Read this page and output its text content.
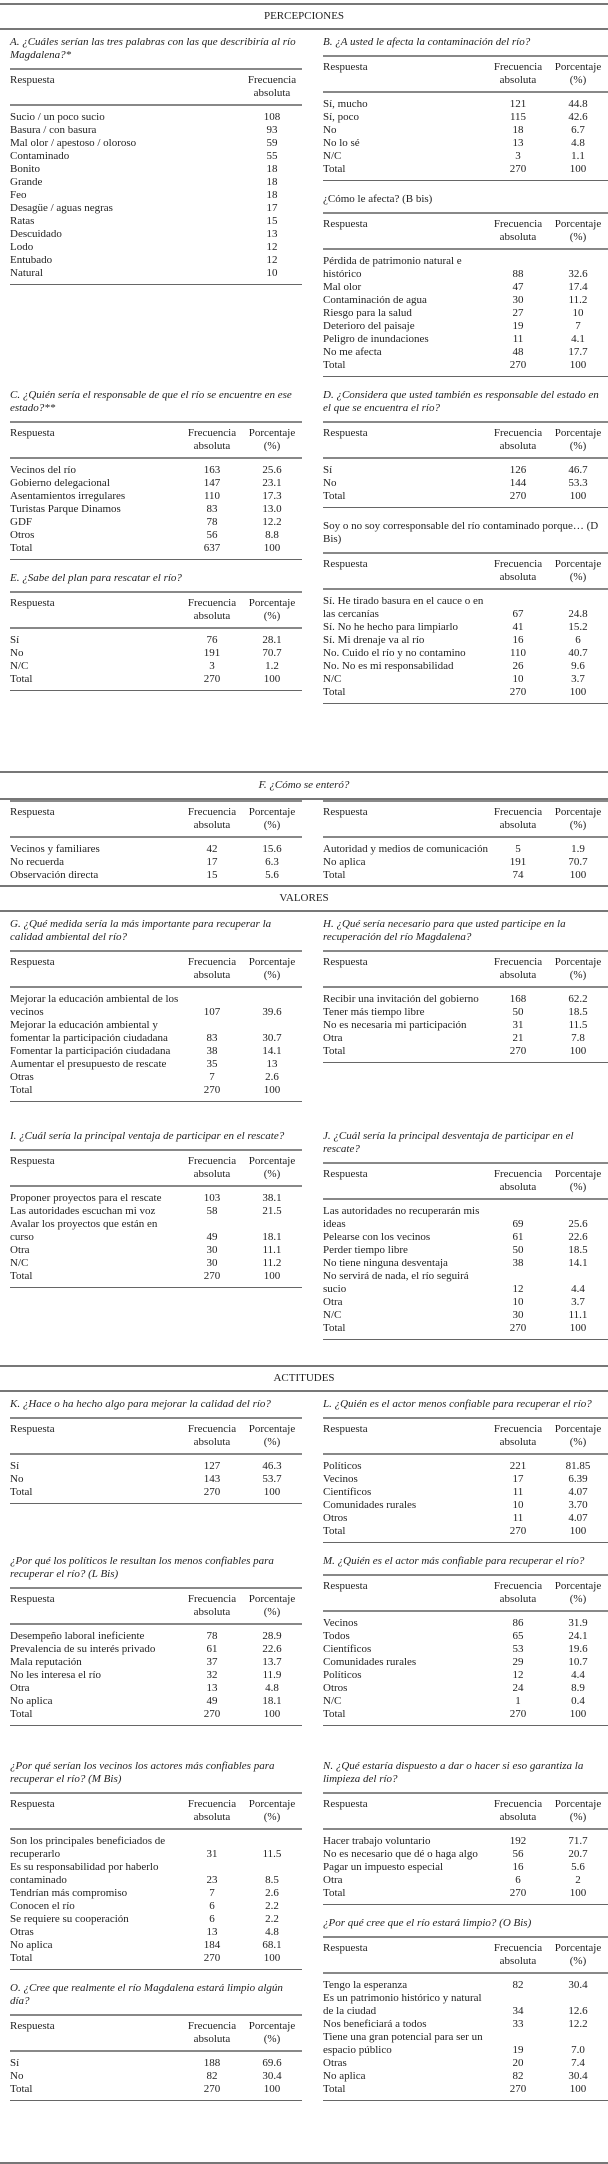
PERCEPCIONES
A. ¿Cuáles serían las tres palabras con las que describiría al río Magdalena?*
Respuesta	Frecuencia absoluta
Sucio / un poco sucio	108
Basura / con basura	93
Mal olor / apestoso / oloroso	59
Contaminado	55
Bonito	18
Grande	18
Feo	18
Desagüe / aguas negras	17
Ratas	15
Descuidado	13
Lodo	12
Entubado	12
Natural	10
B. ¿A usted le afecta la contaminación del río?
Respuesta	Frecuencia absoluta	Porcentaje (%)
Sí, mucho	121	44.8
Sí, poco	115	42.6
No	18	6.7
No lo sé	13	4.8
N/C	3	1.1
Total	270	100
¿Cómo le afecta? (B bis)
Respuesta	Frecuencia absoluta	Porcentaje (%)
Pérdida de patrimonio natural e histórico	88	32.6
Mal olor	47	17.4
Contaminación de agua	30	11.2
Riesgo para la salud	27	10
Deterioro del paisaje	19	7
Peligro de inundaciones	11	4.1
No me afecta	48	17.7
Total	270	100
C. ¿Quién sería el responsable de que el río se encuentre en ese estado?**
Respuesta	Frecuencia absoluta	Porcentaje (%)
Vecinos del río	163	25.6
Gobierno delegacional	147	23.1
Asentamientos irregulares	110	17.3
Turistas Parque Dinamos	83	13.0
GDF	78	12.2
Otros	56	8.8
Total	637	100
E. ¿Sabe del plan para rescatar el río?
Respuesta	Frecuencia absoluta	Porcentaje (%)
Sí	76	28.1
No	191	70.7
N/C	3	1.2
Total	270	100
D. ¿Considera que usted también es responsable del estado en el que se encuentra el río?
Respuesta	Frecuencia absoluta	Porcentaje (%)
Sí	126	46.7
No	144	53.3
Total	270	100
Soy o no soy corresponsable del río contaminado porque… (D Bis)
Respuesta	Frecuencia absoluta	Porcentaje (%)
Sí. He tirado basura en el cauce o en las cercanías	67	24.8
Sí. No he hecho para limpiarlo	41	15.2
Sí. Mi drenaje va al río	16	6
No. Cuido el río y no contamino	110	40.7
No. No es mi responsabilidad	26	9.6
N/C	10	3.7
Total	270	100
F. ¿Cómo se enteró?
Respuesta	Frecuencia absoluta	Porcentaje (%)
Vecinos y familiares	42	15.6
No recuerda	17	6.3
Observación directa	15	5.6
Respuesta	Frecuencia absoluta	Porcentaje (%)
Autoridad y medios de comunicación	5	1.9
No aplica	191	70.7
Total	74	100
VALORES
G. ¿Qué medida sería la más importante para recuperar la calidad ambiental del río?
Respuesta	Frecuencia absoluta	Porcentaje (%)
Mejorar la educación ambiental de los vecinos	107	39.6
Mejorar la educación ambiental y fomentar la participación ciudadana	83	30.7
Fomentar la participación ciudadana	38	14.1
Aumentar el presupuesto de rescate	35	13
Otras	7	2.6
Total	270	100
H. ¿Qué sería necesario para que usted participe en la recuperación del río Magdalena?
Respuesta	Frecuencia absoluta	Porcentaje (%)
Recibir una invitación del gobierno	168	62.2
Tener más tiempo libre	50	18.5
No es necesaria mi participación	31	11.5
Otra	21	7.8
Total	270	100
I. ¿Cuál sería la principal ventaja de participar en el rescate?
Respuesta	Frecuencia absoluta	Porcentaje (%)
Proponer proyectos para el rescate	103	38.1
Las autoridades escuchan mi voz	58	21.5
Avalar los proyectos que están en curso	49	18.1
Otra	30	11.1
N/C	30	11.2
Total	270	100
J. ¿Cuál sería la principal desventaja de participar en el rescate?
Respuesta	Frecuencia absoluta	Porcentaje (%)
Las autoridades no recuperarán mis ideas	69	25.6
Pelearse con los vecinos	61	22.6
Perder tiempo libre	50	18.5
No tiene ninguna desventaja	38	14.1
No servirá de nada, el río seguirá sucio	12	4.4
Otra	10	3.7
N/C	30	11.1
Total	270	100
ACTITUDES
K. ¿Hace o ha hecho algo para mejorar la calidad del río?
Respuesta	Frecuencia absoluta	Porcentaje (%)
Sí	127	46.3
No	143	53.7
Total	270	100
L. ¿Quién es el actor menos confiable para recuperar el río?
Respuesta	Frecuencia absoluta	Porcentaje (%)
Políticos	221	81.85
Vecinos	17	6.39
Científicos	11	4.07
Comunidades rurales	10	3.70
Otros	11	4.07
Total	270	100
¿Por qué los políticos le resultan los menos confiables para recuperar el río? (L Bis)
Respuesta	Frecuencia absoluta	Porcentaje (%)
Desempeño laboral ineficiente	78	28.9
Prevalencia de su interés privado	61	22.6
Mala reputación	37	13.7
No les interesa el río	32	11.9
Otra	13	4.8
No aplica	49	18.1
Total	270	100
M. ¿Quién es el actor más confiable para recuperar el río?
Respuesta	Frecuencia absoluta	Porcentaje (%)
Vecinos	86	31.9
Todos	65	24.1
Científicos	53	19.6
Comunidades rurales	29	10.7
Políticos	12	4.4
Otros	24	8.9
N/C	1	0.4
Total	270	100
¿Por qué serían los vecinos los actores más confiables para recuperar el río? (M Bis)
Respuesta	Frecuencia absoluta	Porcentaje (%)
Son los principales beneficiados de recuperarlo	31	11.5
Es su responsabilidad por haberlo contaminado	23	8.5
Tendrían más compromiso	7	2.6
Conocen el río	6	2.2
Se requiere su cooperación	6	2.2
Otras	13	4.8
No aplica	184	68.1
Total	270	100
O. ¿Cree que realmente el río Magdalena estará limpio algún día?
Respuesta	Frecuencia absoluta	Porcentaje (%)
Sí	188	69.6
No	82	30.4
Total	270	100
N. ¿Qué estaría dispuesto a dar o hacer si eso garantiza la limpieza del río?
Respuesta	Frecuencia absoluta	Porcentaje (%)
Hacer trabajo voluntario	192	71.7
No es necesario que dé o haga algo	56	20.7
Pagar un impuesto especial	16	5.6
Otra	6	2
Total	270	100
¿Por qué cree que el río estará limpio? (O Bis)
Respuesta	Frecuencia absoluta	Porcentaje (%)
Tengo la esperanza	82	30.4
Es un patrimonio histórico y natural de la ciudad	34	12.6
Nos beneficiará a todos	33	12.2
Tiene una gran potencial para ser un espacio público	19	7.0
Otras	20	7.4
No aplica	82	30.4
Total	270	100
